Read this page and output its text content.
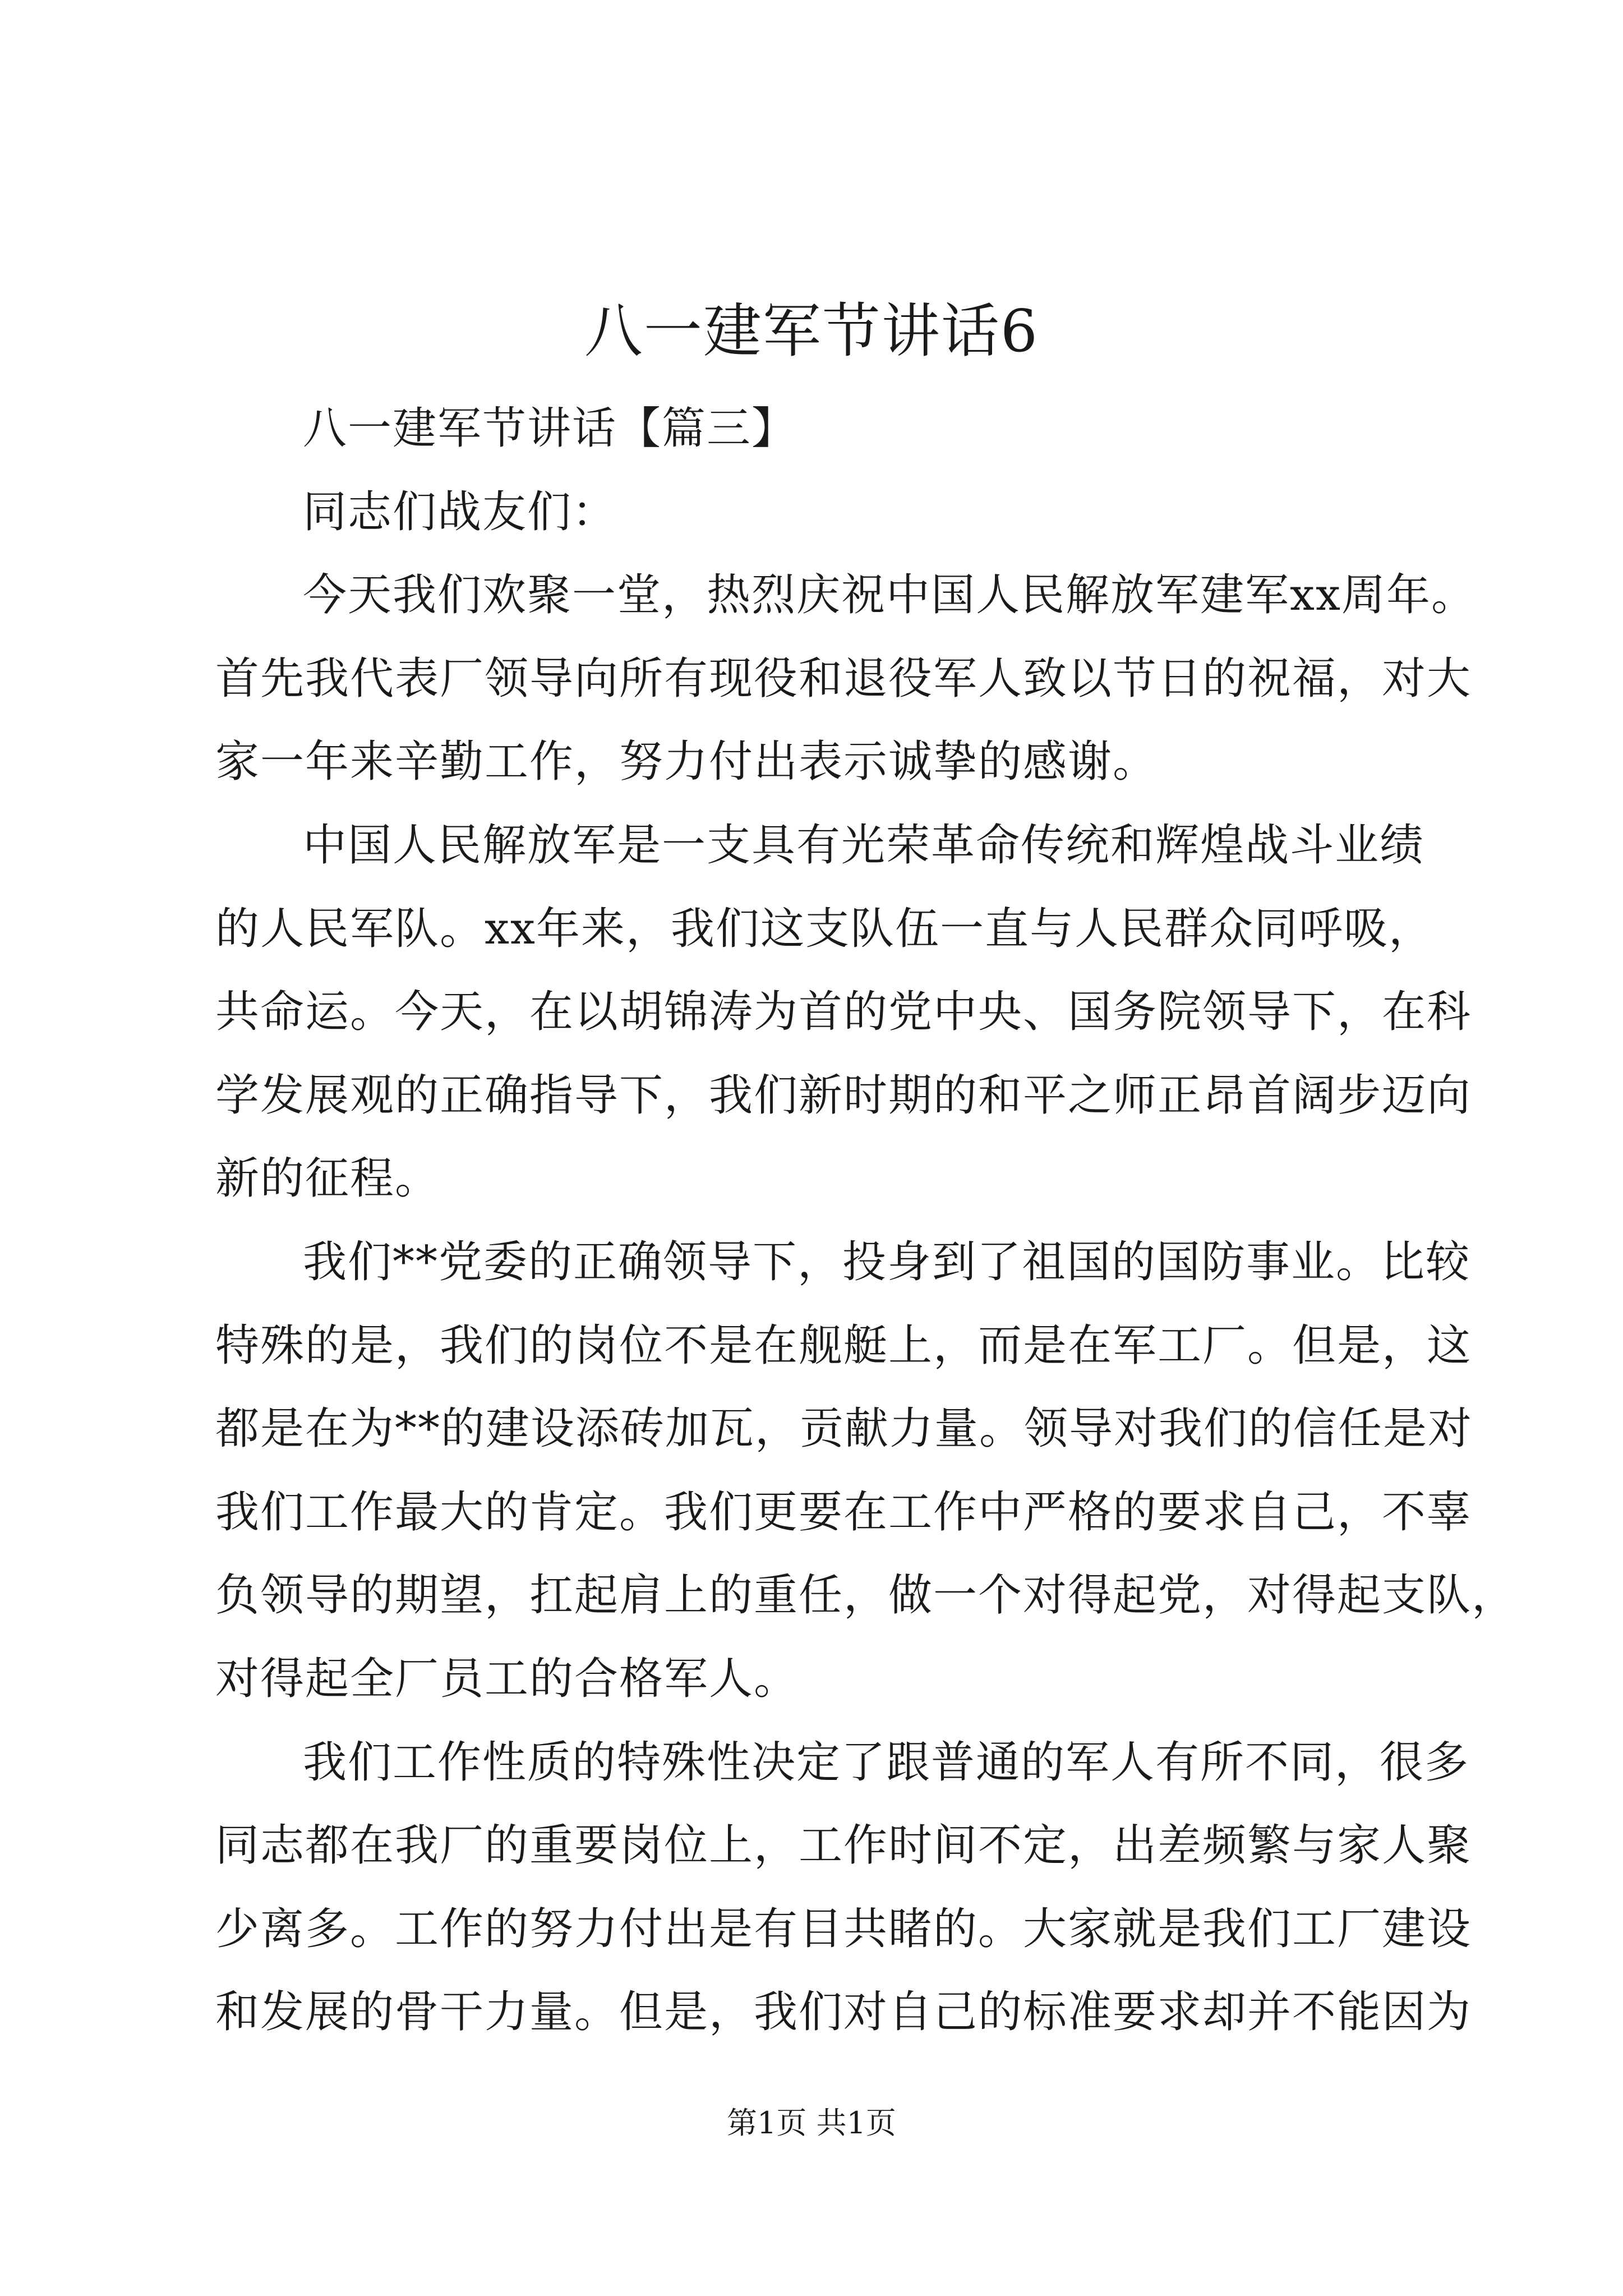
八一建军节讲话6
八一建军节讲话【篇三】
同志们战友们：
今天我们欢聚一堂，热烈庆祝中国人民解放军建军xx周年。
首先我代表厂领导向所有现役和退役军人致以节日的祝福，对大
家一年来辛勤工作，努力付出表示诚挚的感谢。
中国人民解放军是一支具有光荣革命传统和辉煌战斗业绩
的人民军队。xx年来，我们这支队伍一直与人民群众同呼吸，
共命运。今天，在以胡锦涛为首的党中央、国务院领导下，在科
学发展观的正确指导下，我们新时期的和平之师正昂首阔步迈向
新的征程。
我们**党委的正确领导下，投身到了祖国的国防事业。比较
特殊的是，我们的岗位不是在舰艇上，而是在军工厂。但是，这
都是在为**的建设添砖加瓦，贡献力量。领导对我们的信任是对
我们工作最大的肯定。我们更要在工作中严格的要求自己，不辜
负领导的期望，扛起肩上的重任，做一个对得起党，对得起支队，
对得起全厂员工的合格军人。
我们工作性质的特殊性决定了跟普通的军人有所不同，很多
同志都在我厂的重要岗位上，工作时间不定，出差频繁与家人聚
少离多。工作的努力付出是有目共睹的。大家就是我们工厂建设
和发展的骨干力量。但是，我们对自己的标准要求却并不能因为
第1页 共1页
